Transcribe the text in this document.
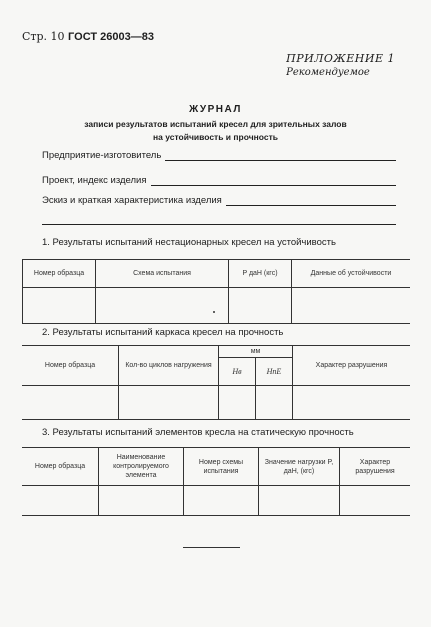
Стр. 10 ГОСТ 26003—83
ПРИЛОЖЕНИЕ 1
Рекомендуемое
ЖУРНАЛ
записи результатов испытаний кресел для зрительных залов
на устойчивость и прочность
Предприятие-изготовитель
Проект, индекс изделия
Эскиз и краткая характеристика изделия
1. Результаты испытаний нестационарных кресел на устойчивость
Номер образца	Схема испытания	P даН (кгс)	Данные об устойчивости

2. Результаты испытаний каркаса кресел на прочность
Номер образца	Кол-во циклов нагружения	мм		Характер разрушения
		Hв	HпE	

3. Результаты испытаний элементов кресла на статическую прочность
Номер образца	Наименование контролируемого элемента	Номер схемы испытания	Значение нагрузки P, даН, (кгс)	Характер разрушения
